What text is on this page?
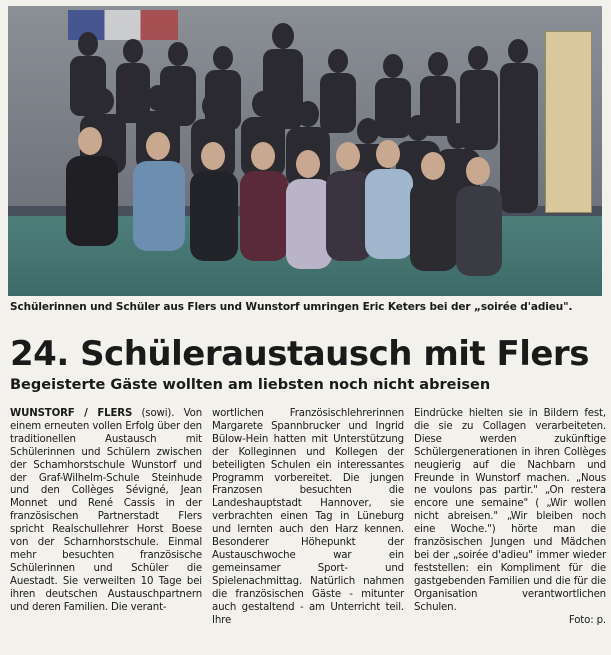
Schülerinnen und Schüler aus Flers und Wunstorf umringen Eric Keters bei der „soirée d'adieu".
24. Schüleraustausch mit Flers
Begeisterte Gäste wollten am liebsten noch nicht abreisen
WUNSTORF / FLERS (sowi). Von einem erneuten vollen Erfolg über den traditionellen Austausch mit Schülerinnen und Schülern zwischen der Schamhorstschule Wunstorf und der Graf-Wilhelm-Schule Steinhude und den Collèges Sévigné, Jean Monnet und René Cassis in der französischen Partnerstadt Flers spricht Realschullehrer Horst Boese von der Scharnhorstschule. Einmal mehr besuchten französische Schülerinnen und Schüler die Auestadt. Sie verweilten 10 Tage bei ihren deutschen Austauschpartnern und deren Familien. Die verant-
wortlichen Französischlehrerinnen Margarete Spannbrucker und Ingrid Bülow-Hein hatten mit Unterstützung der Kolleginnen und Kollegen der beteiligten Schulen ein interessantes Programm vorbereitet. Die jungen Franzosen besuchten die Landeshauptstadt Hannover, sie verbrachten einen Tag in Lüneburg und lernten auch den Harz kennen. Besonderer Höhepunkt der Austauschwoche war ein gemeinsamer Sport- und Spielenachmittag. Natürlich nahmen die französischen Gäste - mitunter auch gestaltend - am Unterricht teil. Ihre
Eindrücke hielten sie in Bildern fest, die sie zu Collagen verarbeiteten. Diese werden zukünftige Schülergenerationen in ihren Collèges neugierig auf die Nachbarn und Freunde in Wunstorf machen. „Nous ne voulons pas partir." „On restera encore une semaine" ( „Wir wollen nicht abreisen." „Wir bleiben noch eine Woche.") hörte man die französischen Jungen und Mädchen bei der „soirée d'adieu" immer wieder feststellen: ein Kompliment für die gastgebenden Familien und die für die Organisation verantwortlichen Schulen.
Foto: p.
